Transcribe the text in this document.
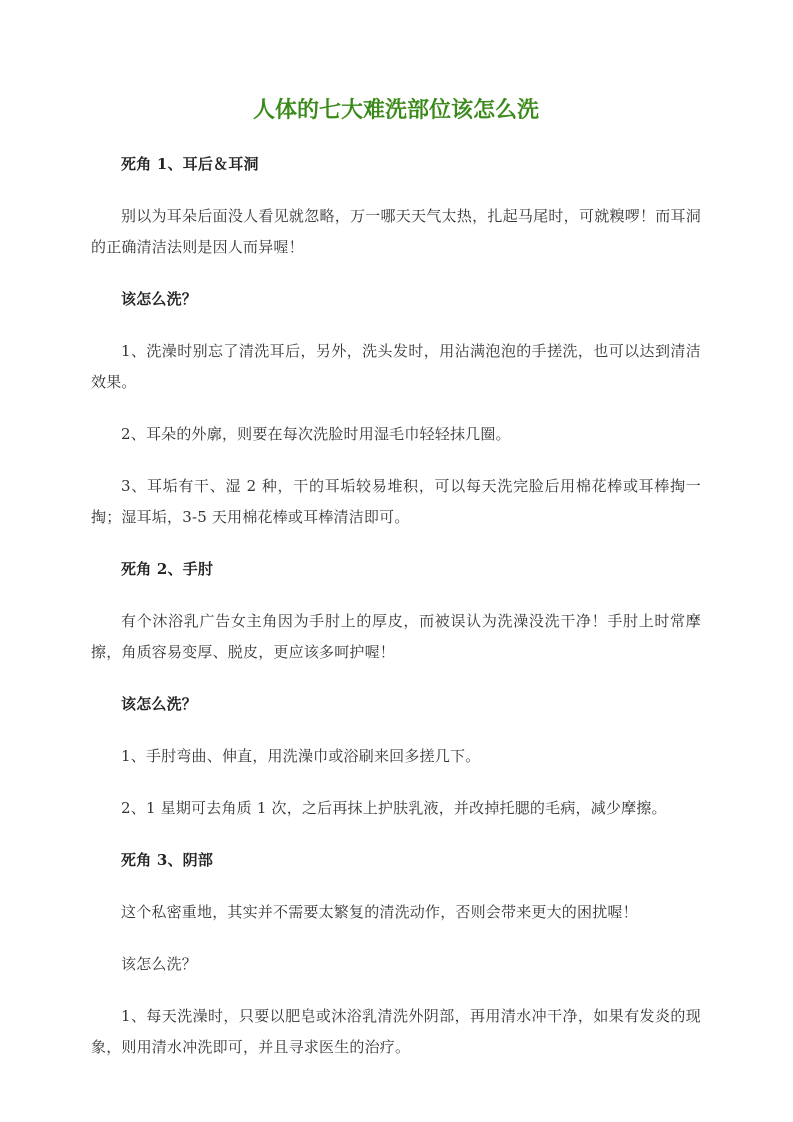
人体的七大难洗部位该怎么洗

死角 1、耳后＆耳洞

别以为耳朵后面没人看见就忽略，万一哪天天气太热，扎起马尾时，可就糗啰！而耳洞的正确清洁法则是因人而异喔！

该怎么洗？

1、洗澡时别忘了清洗耳后，另外，洗头发时，用沾满泡泡的手搓洗，也可以达到清洁效果。

2、耳朵的外廓，则要在每次洗脸时用湿毛巾轻轻抹几圈。

3、耳垢有干、湿 2 种，干的耳垢较易堆积，可以每天洗完脸后用棉花棒或耳棒掏一掏；湿耳垢，3-5 天用棉花棒或耳棒清洁即可。

死角 2、手肘

有个沐浴乳广告女主角因为手肘上的厚皮，而被误认为洗澡没洗干净！手肘上时常摩擦，角质容易变厚、脱皮，更应该多呵护喔！

该怎么洗？

1、手肘弯曲、伸直，用洗澡巾或浴刷来回多搓几下。

2、1 星期可去角质 1 次，之后再抹上护肤乳液，并改掉托腮的毛病，减少摩擦。

死角 3、阴部

这个私密重地，其实并不需要太繁复的清洗动作，否则会带来更大的困扰喔！

该怎么洗？

1、每天洗澡时，只要以肥皂或沐浴乳清洗外阴部，再用清水冲干净，如果有发炎的现象，则用清水冲洗即可，并且寻求医生的治疗。
